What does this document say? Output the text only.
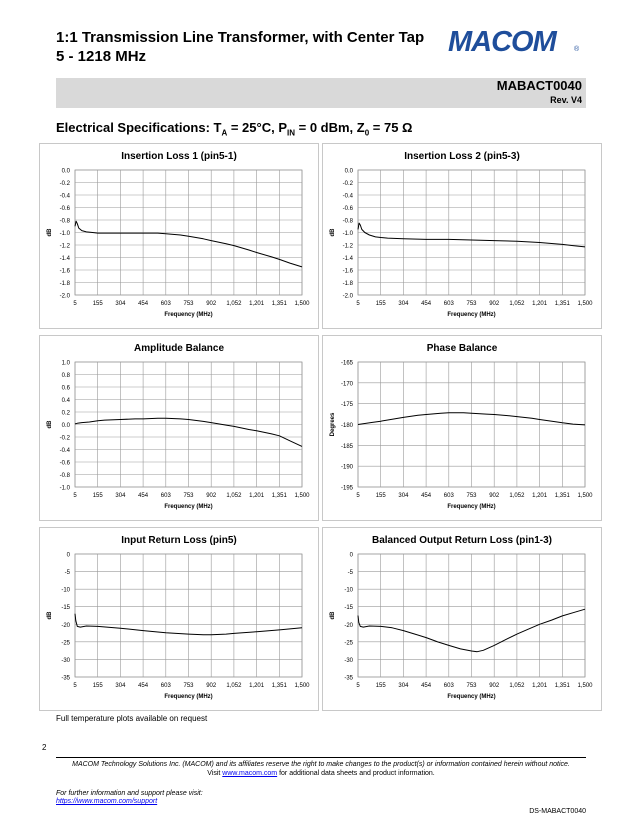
1:1 Transmission Line Transformer, with Center Tap
5 - 1218 MHz	MACOM	®
MABACT0040
Rev. V4
Electrical Specifications: $T_A = 25^\circ C$, $P_{IN} = 0$ dBm, $Z_0 = 75$ Ω
Insertion Loss 1 (pin5-1)
0.0
-0.2
-0.4
-0.6
-0.8
-1.0
-1.2
-1.4
-1.6
-1.8
-2.0
5	155 304 454 603 753 902 1,052 1,201 1,351 1,500
Frequency (MHz)
dB
Insertion Loss 2 (pin5-3)
0.0
-0.2
-0.4
-0.6
-0.8
-1.0
-1.2
-1.4
-1.6
-1.8
-2.0
5	155 304 454 603 753 902 1,052 1,201 1,351 1,500
Frequency (MHz)
dB
Amplitude Balance
1.0
0.8
0.6
0.4
0.2
0.0
-0.2
-0.4
-0.6
-0.8
-1.0
5	155 304 454 603 753 902 1,052 1,201 1,351 1,500
Frequency (MHz)
dB
Phase Balance
-165
-170
-175
-180
-185
-190
-195
5	155 304 454 603 753 902 1,052 1,201 1,351 1,500
Frequency (MHz)
Degrees
Input Return Loss (pin5)
0
-5
-10
-15
-20
-25
-30
-35
5	155 304 454 603 753 902 1,052 1,201 1,351 1,500
Frequency (MHz)
dB
Balanced Output Return Loss (pin1-3)
0
-5
-10
-15
-20
-25
-30
-35
5	155 304 454 603 753 902 1,052 1,201 1,351 1,500
Frequency (MHz)
dB
Full temperature plots available on request
2
MACOM Technology Solutions Inc. (MACOM) and its affiliates reserve the right to make changes to the product(s) or information contained herein without notice.
Visit www.macom.com for additional data sheets and product information.
For further information and support please visit:
https://www.macom.com/support
DS-MABACT0040
